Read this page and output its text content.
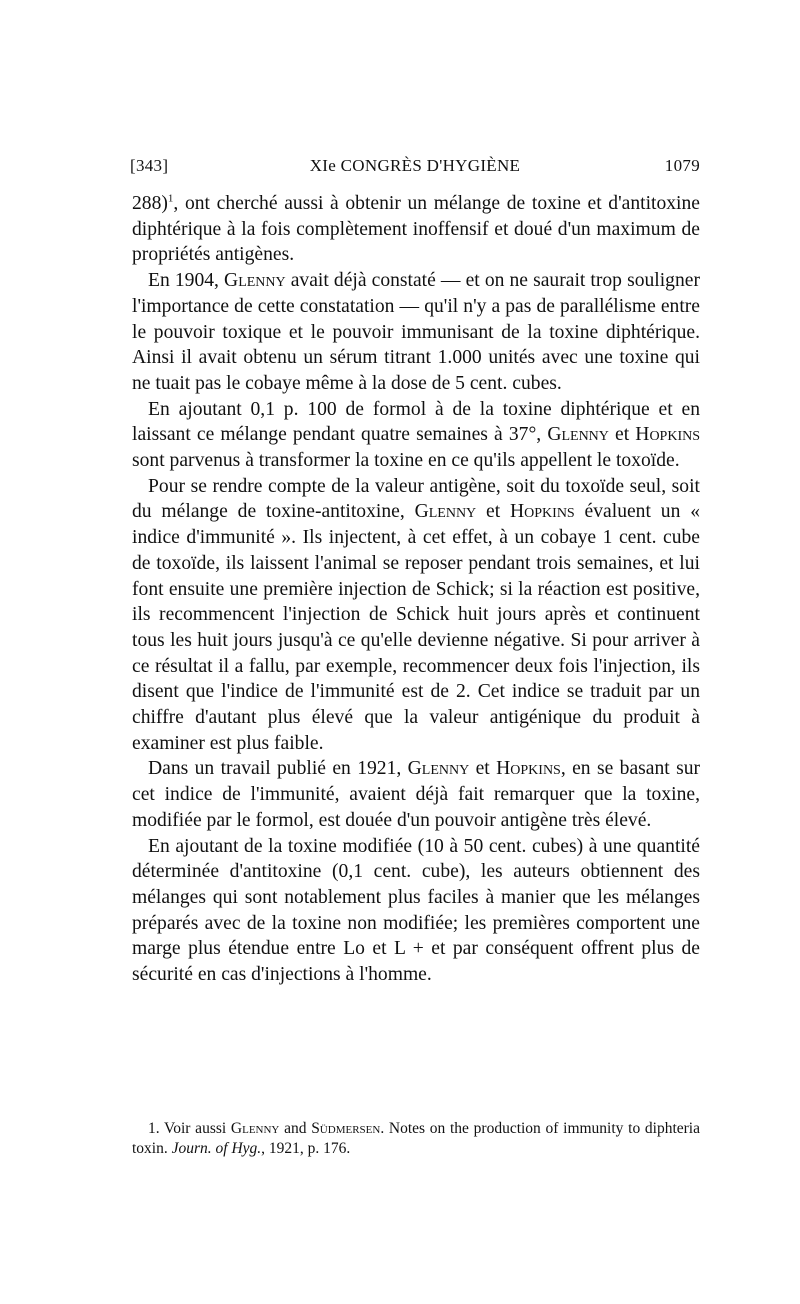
[343]	XIe CONGRÈS D'HYGIÈNE	1079

288)$^1$, ont cherché aussi à obtenir un mélange de toxine et d'antitoxine diphtérique à la fois complètement inoffensif et doué d'un maximum de propriétés antigènes.

En 1904, Glenny avait déjà constaté — et on ne saurait trop souligner l'importance de cette constatation — qu'il n'y a pas de parallélisme entre le pouvoir toxique et le pouvoir immunisant de la toxine diphtérique. Ainsi il avait obtenu un sérum titrant 1.000 unités avec une toxine qui ne tuait pas le cobaye même à la dose de 5 cent. cubes.

En ajoutant 0,1 p. 100 de formol à de la toxine diphtérique et en laissant ce mélange pendant quatre semaines à 37°, Glenny et Hopkins sont parvenus à transformer la toxine en ce qu'ils appellent le toxoïde.

Pour se rendre compte de la valeur antigène, soit du toxoïde seul, soit du mélange de toxine-antitoxine, Glenny et Hopkins évaluent un « indice d'immunité ». Ils injectent, à cet effet, à un cobaye 1 cent. cube de toxoïde, ils laissent l'animal se reposer pendant trois semaines, et lui font ensuite une première injection de Schick; si la réaction est positive, ils recommencent l'injection de Schick huit jours après et continuent tous les huit jours jusqu'à ce qu'elle devienne négative. Si pour arriver à ce résultat il a fallu, par exemple, recommencer deux fois l'injection, ils disent que l'indice de l'immunité est de 2. Cet indice se traduit par un chiffre d'autant plus élevé que la valeur antigénique du produit à examiner est plus faible.

Dans un travail publié en 1921, Glenny et Hopkins, en se basant sur cet indice de l'immunité, avaient déjà fait remarquer que la toxine, modifiée par le formol, est douée d'un pouvoir antigène très élevé.

En ajoutant de la toxine modifiée (10 à 50 cent. cubes) à une quantité déterminée d'antitoxine (0,1 cent. cube), les auteurs obtiennent des mélanges qui sont notablement plus faciles à manier que les mélanges préparés avec de la toxine non modifiée; les premières comportent une marge plus étendue entre Lo et L + et par conséquent offrent plus de sécurité en cas d'injections à l'homme.

1. Voir aussi Glenny and Südmersen. Notes on the production of immunity to diphteria toxin. Journ. of Hyg., 1921, p. 176.
